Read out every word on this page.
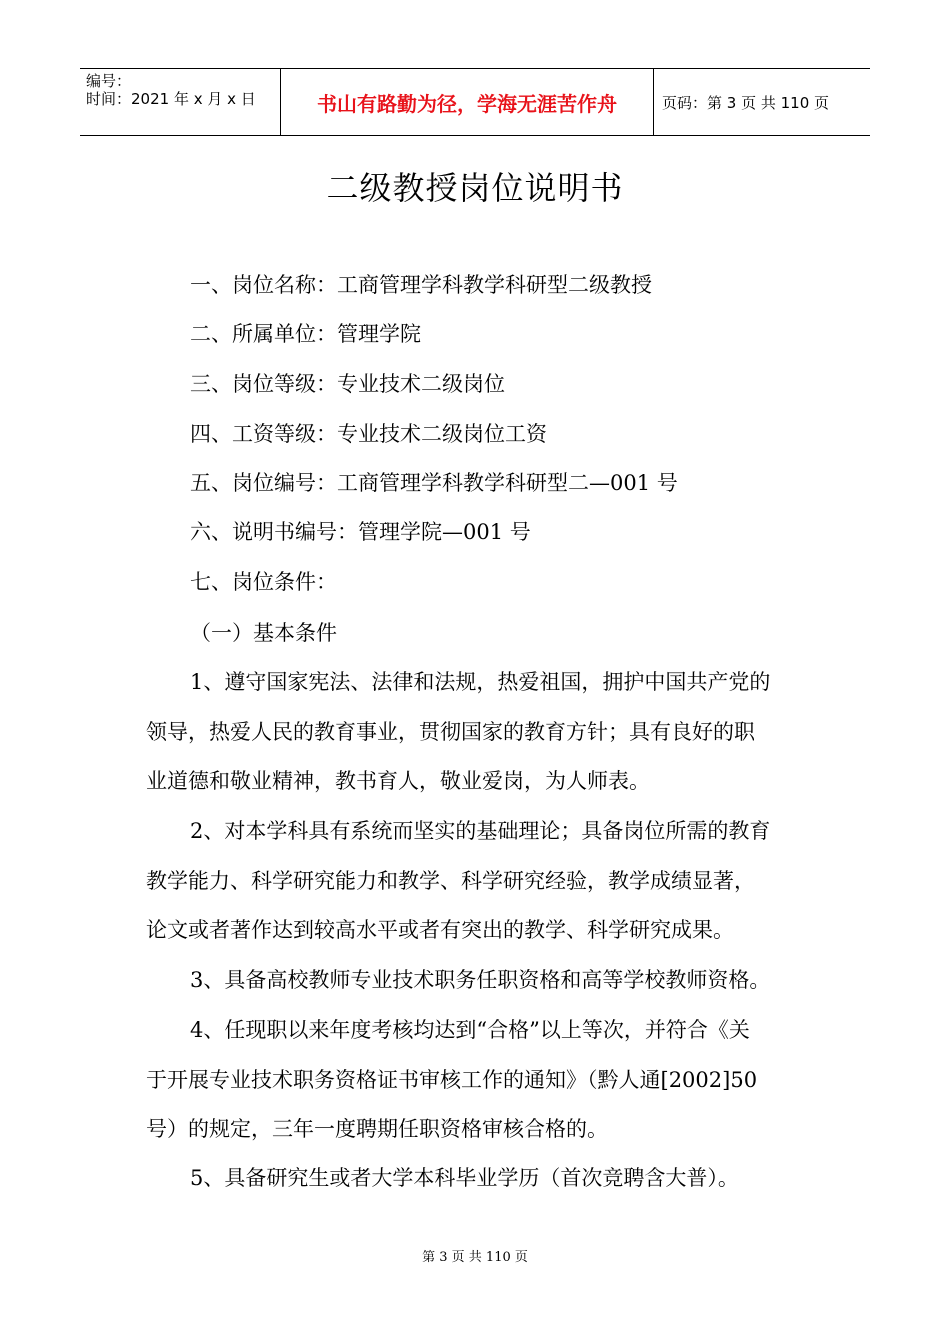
编号：
时间：2021 年 x 月 x 日	书山有路勤为径，学海无涯苦作舟	页码：第 3 页 共 110 页
二级教授岗位说明书
一、岗位名称：工商管理学科教学科研型二级教授
二、所属单位：管理学院
三、岗位等级：专业技术二级岗位
四、工资等级：专业技术二级岗位工资
五、岗位编号：工商管理学科教学科研型二—001 号
六、说明书编号：管理学院—001 号
七、岗位条件：
（一）基本条件
1、遵守国家宪法、法律和法规，热爱祖国，拥护中国共产党的
领导，热爱人民的教育事业，贯彻国家的教育方针；具有良好的职
业道德和敬业精神，教书育人，敬业爱岗，为人师表。
2、对本学科具有系统而坚实的基础理论；具备岗位所需的教育
教学能力、科学研究能力和教学、科学研究经验，教学成绩显著，
论文或者著作达到较高水平或者有突出的教学、科学研究成果。
3、具备高校教师专业技术职务任职资格和高等学校教师资格。
4、任现职以来年度考核均达到“合格”以上等次，并符合《关
于开展专业技术职务资格证书审核工作的通知》（黔人通[2002]50
号）的规定，三年一度聘期任职资格审核合格的。
5、具备研究生或者大学本科毕业学历（首次竞聘含大普）。
第 3 页 共 110 页
